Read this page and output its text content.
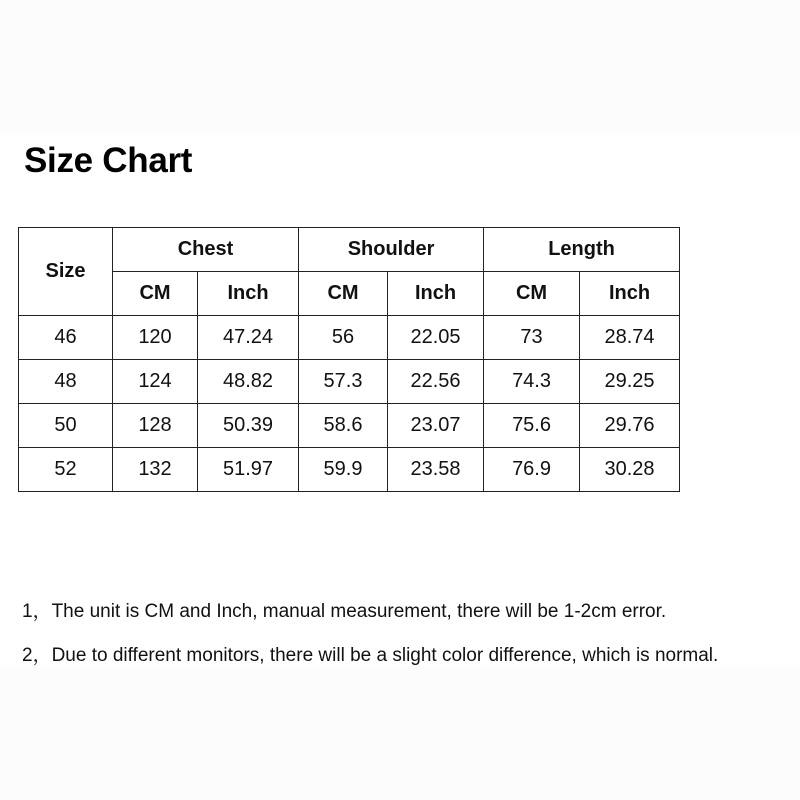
Size Chart
Size	Chest		Shoulder		Length	
	CM	Inch	CM	Inch	CM	Inch
46	120	47.24	56	22.05	73	28.74
48	124	48.82	57.3	22.56	74.3	29.25
50	128	50.39	58.6	23.07	75.6	29.76
52	132	51.97	59.9	23.58	76.9	30.28
1，The unit is CM and Inch, manual measurement, there will be 1-2cm error.
2，Due to different monitors, there will be a slight color difference, which is normal.
